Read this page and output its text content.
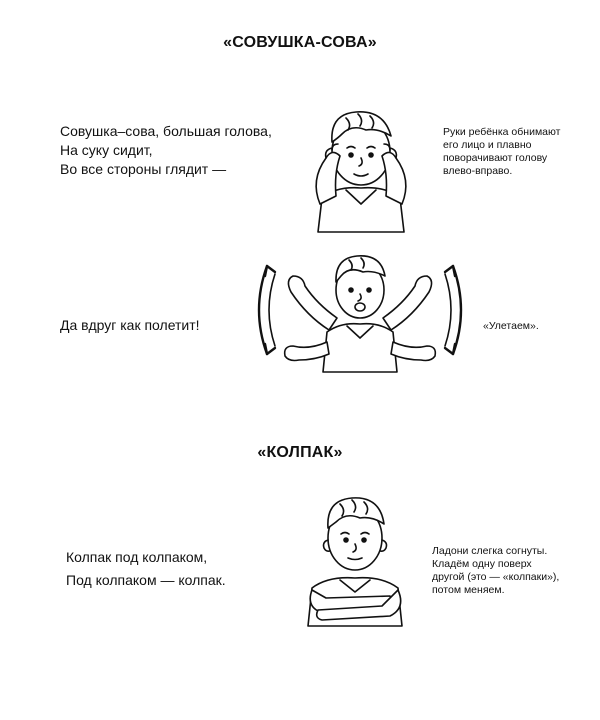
«СОВУШКА-СОВА»
Совушка–сова, большая голова,
На суку сидит,
Во все стороны глядит —
Руки ребёнка обнимают
его лицо и плавно
поворачивают голову
влево-вправо.
Да вдруг как полетит!	«Улетаем».
«КОЛПАК»
Колпак под колпаком,
Под колпаком — колпак.
Ладони слегка согнуты.
Кладём одну поверх
другой (это — «колпаки»),
потом меняем.
